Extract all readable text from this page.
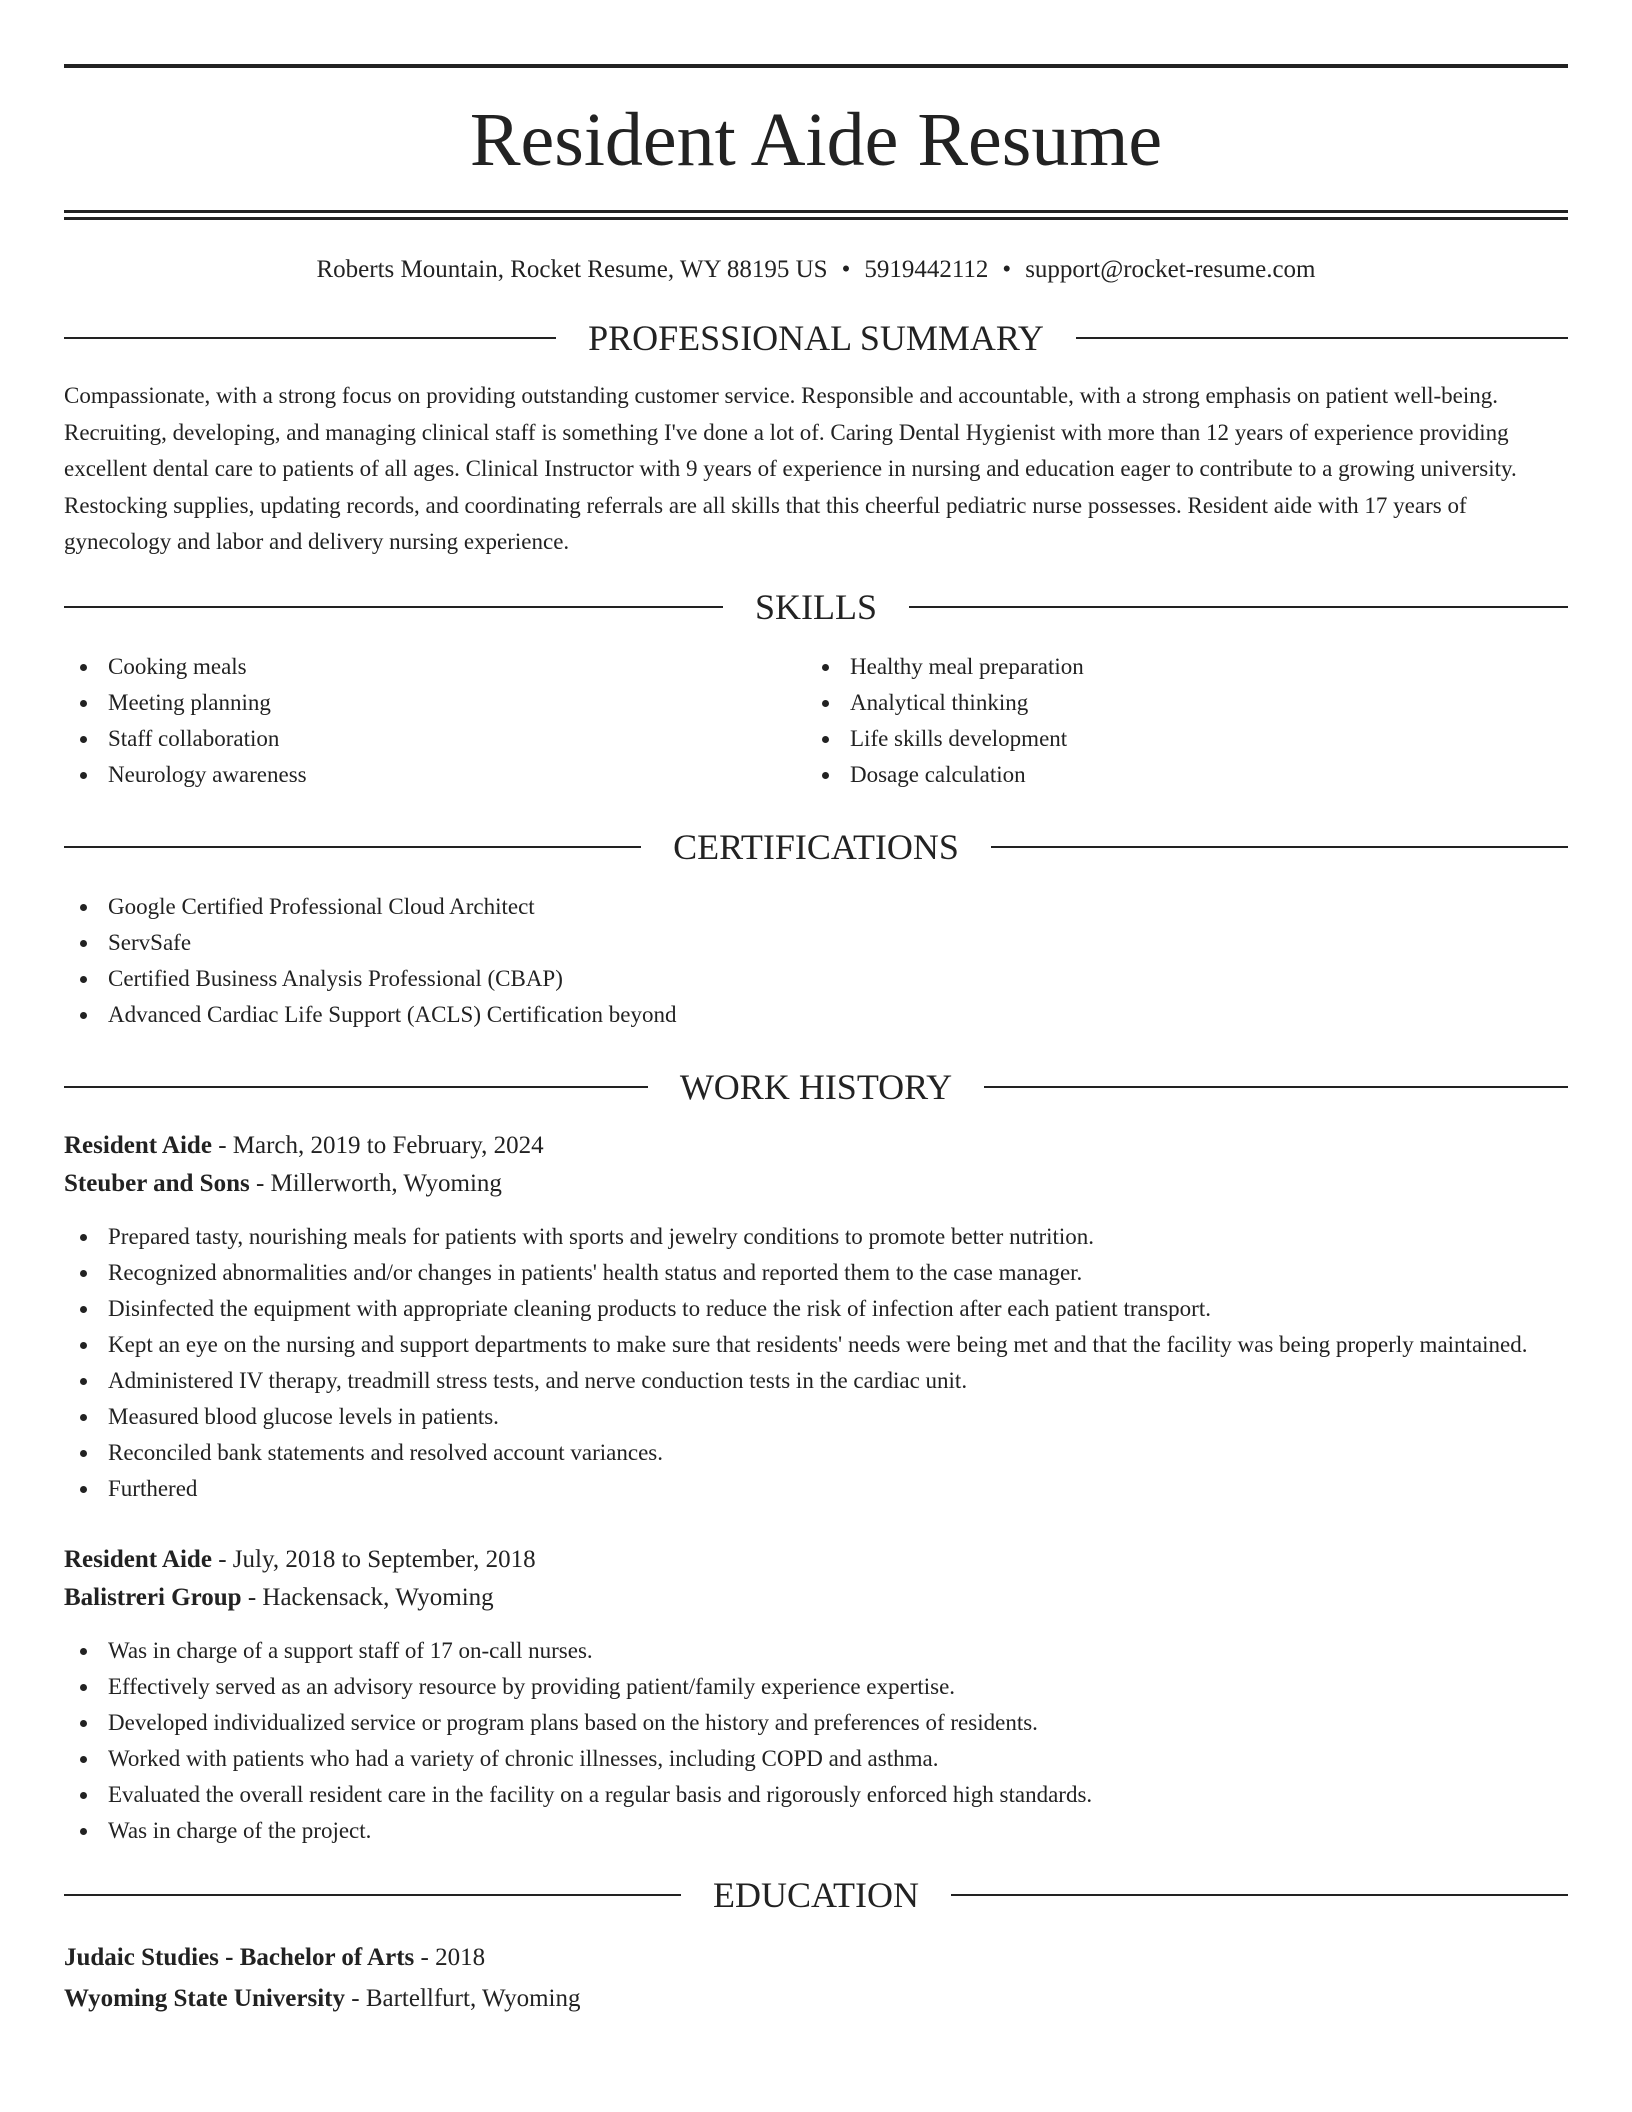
Resident Aide Resume
Roberts Mountain, Rocket Resume, WY 88195 US • 5919442112 • support@rocket-resume.com
PROFESSIONAL SUMMARY

Compassionate, with a strong focus on providing outstanding customer service. Responsible and accountable, with a strong emphasis on patient well-being. Recruiting, developing, and managing clinical staff is something I've done a lot of. Caring Dental Hygienist with more than 12 years of experience providing excellent dental care to patients of all ages. Clinical Instructor with 9 years of experience in nursing and education eager to contribute to a growing university. Restocking supplies, updating records, and coordinating referrals are all skills that this cheerful pediatric nurse possesses. Resident aide with 17 years of gynecology and labor and delivery nursing experience.

SKILLS
Cooking meals
Meeting planning
Staff collaboration
Neurology awareness
Healthy meal preparation
Analytical thinking
Life skills development
Dosage calculation
CERTIFICATIONS
Google Certified Professional Cloud Architect
ServSafe
Certified Business Analysis Professional (CBAP)
Advanced Cardiac Life Support (ACLS) Certification beyond
WORK HISTORY
Resident Aide - March, 2019 to February, 2024
Steuber and Sons - Millerworth, Wyoming
Prepared tasty, nourishing meals for patients with sports and jewelry conditions to promote better nutrition.
Recognized abnormalities and/or changes in patients' health status and reported them to the case manager.
Disinfected the equipment with appropriate cleaning products to reduce the risk of infection after each patient transport.
Kept an eye on the nursing and support departments to make sure that residents' needs were being met and that the facility was being properly maintained.
Administered IV therapy, treadmill stress tests, and nerve conduction tests in the cardiac unit.
Measured blood glucose levels in patients.
Reconciled bank statements and resolved account variances.
Furthered
Resident Aide - July, 2018 to September, 2018
Balistreri Group - Hackensack, Wyoming
Was in charge of a support staff of 17 on-call nurses.
Effectively served as an advisory resource by providing patient/family experience expertise.
Developed individualized service or program plans based on the history and preferences of residents.
Worked with patients who had a variety of chronic illnesses, including COPD and asthma.
Evaluated the overall resident care in the facility on a regular basis and rigorously enforced high standards.
Was in charge of the project.
EDUCATION
Judaic Studies - Bachelor of Arts - 2018
Wyoming State University - Bartellfurt, Wyoming
